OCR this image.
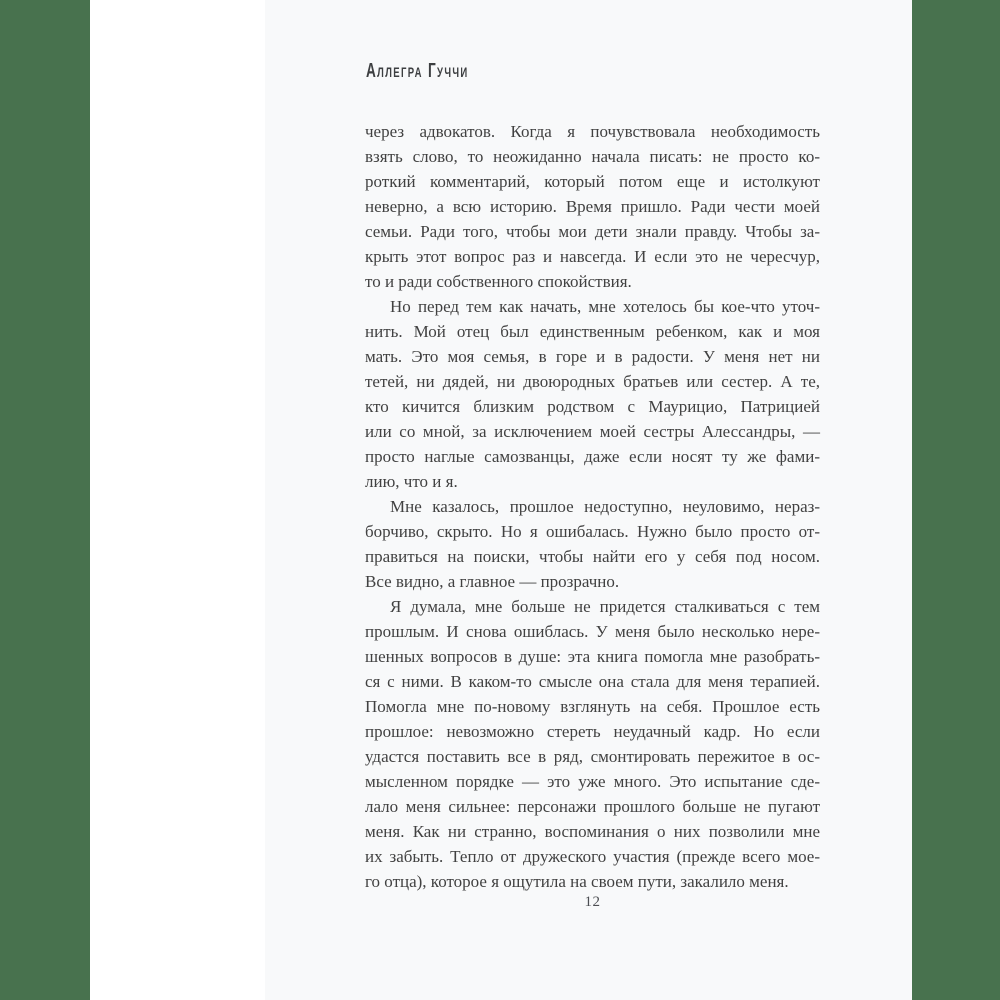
Аллегра Гуччи
через адвокатов. Когда я почувствовала необходимость
взять слово, то неожиданно начала писать: не просто ко-
роткий комментарий, который потом еще и истолкуют
неверно, а всю историю. Время пришло. Ради чести моей
семьи. Ради того, чтобы мои дети знали правду. Чтобы за-
крыть этот вопрос раз и навсегда. И если это не чересчур,
то и ради собственного спокойствия.
Но перед тем как начать, мне хотелось бы кое-что уточ-
нить. Мой отец был единственным ребенком, как и моя
мать. Это моя семья, в горе и в радости. У меня нет ни
тетей, ни дядей, ни двоюродных братьев или сестер. А те,
кто кичится близким родством с Маурицио, Патрицией
или со мной, за исключением моей сестры Алессандры, —
просто наглые самозванцы, даже если носят ту же фами-
лию, что и я.
Мне казалось, прошлое недоступно, неуловимо, нераз-
борчиво, скрыто. Но я ошибалась. Нужно было просто от-
правиться на поиски, чтобы найти его у себя под носом.
Все видно, а главное — прозрачно.
Я думала, мне больше не придется сталкиваться с тем
прошлым. И снова ошиблась. У меня было несколько нере-
шенных вопросов в душе: эта книга помогла мне разобрать-
ся с ними. В каком-то смысле она стала для меня терапией.
Помогла мне по-новому взглянуть на себя. Прошлое есть
прошлое: невозможно стереть неудачный кадр. Но если
удастся поставить все в ряд, смонтировать пережитое в ос-
мысленном порядке — это уже много. Это испытание сде-
лало меня сильнее: персонажи прошлого больше не пугают
меня. Как ни странно, воспоминания о них позволили мне
их забыть. Тепло от дружеского участия (прежде всего мое-
го отца), которое я ощутила на своем пути, закалило меня.
12
